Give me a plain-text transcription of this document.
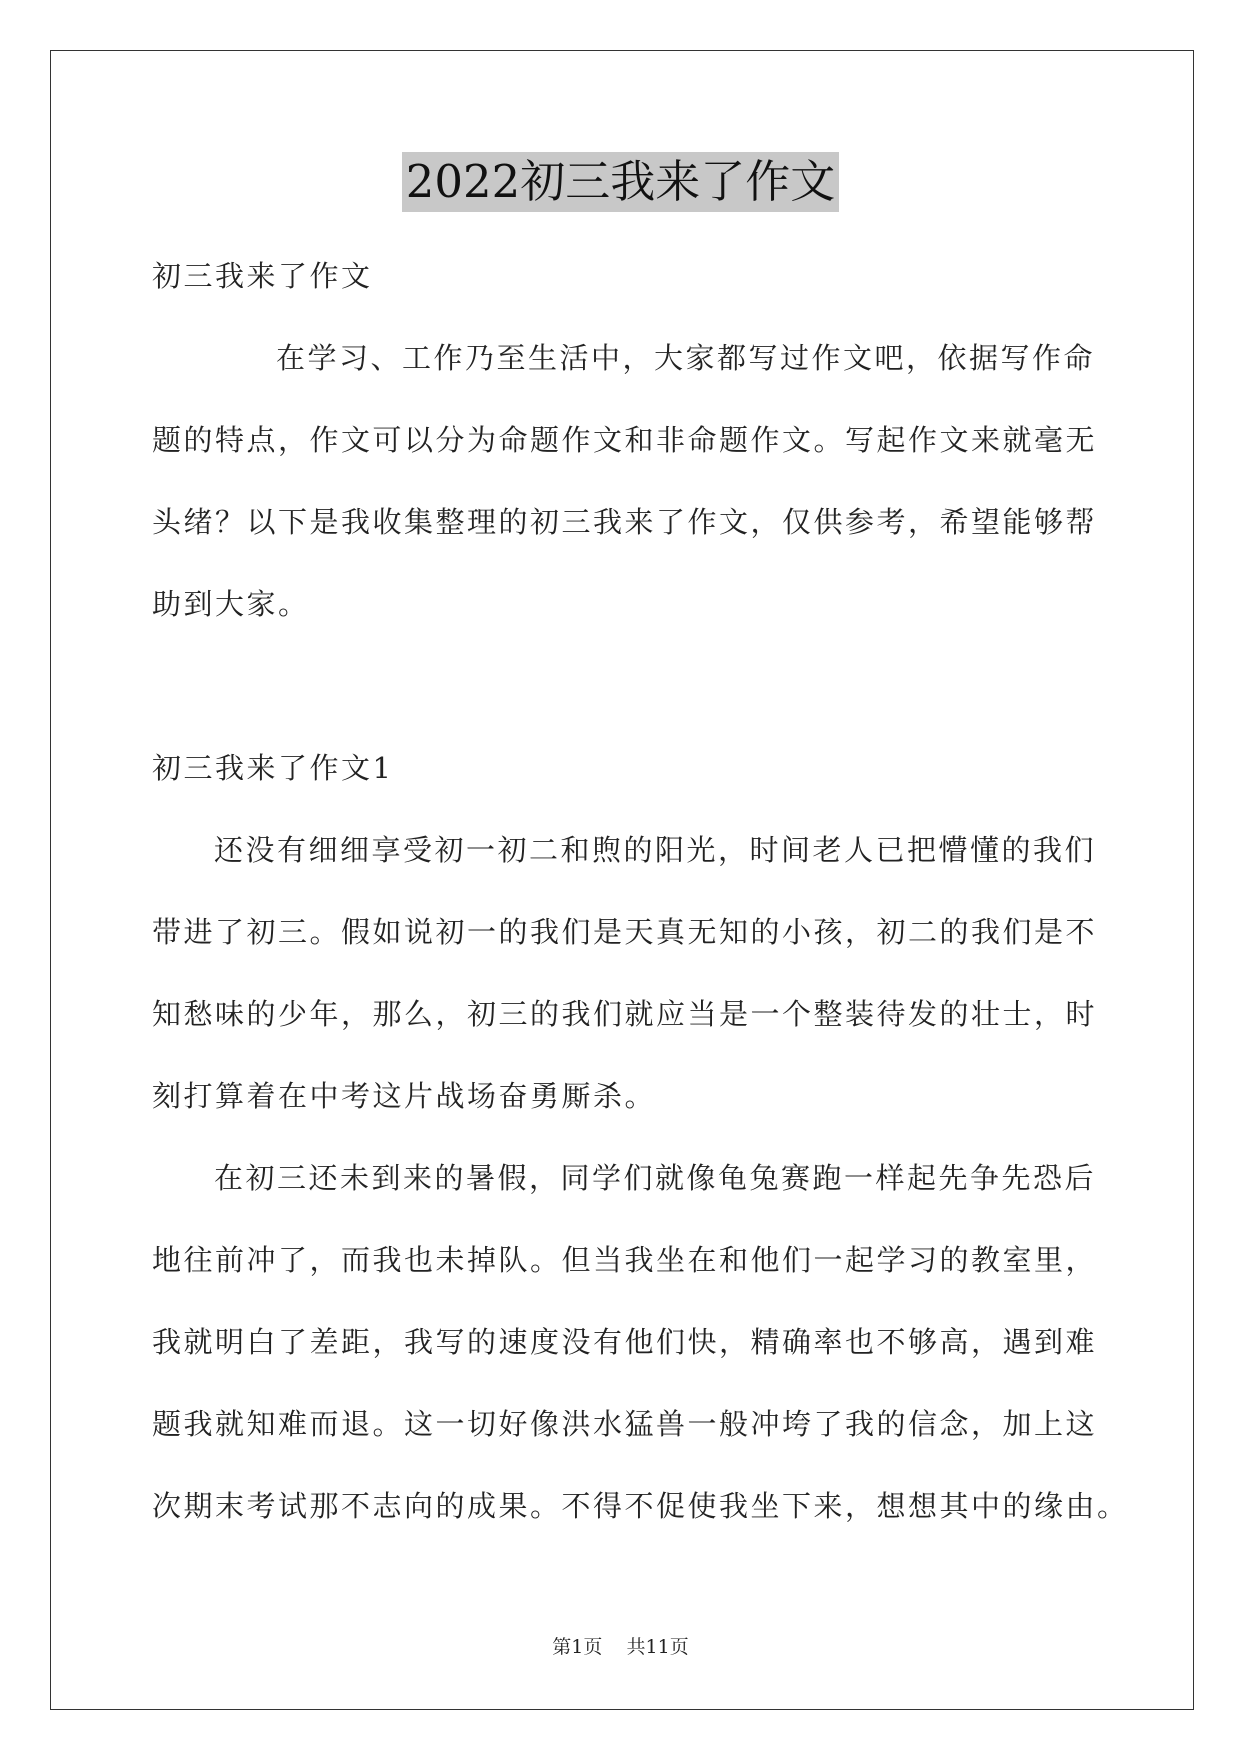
2022初三我来了作文

初三我来了作文

在学习、工作乃至生活中，大家都写过作文吧，依据写作命

题的特点，作文可以分为命题作文和非命题作文。写起作文来就毫无

头绪？以下是我收集整理的初三我来了作文，仅供参考，希望能够帮

助到大家。

初三我来了作文1

还没有细细享受初一初二和煦的阳光，时间老人已把懵懂的我们

带进了初三。假如说初一的我们是天真无知的小孩，初二的我们是不

知愁味的少年，那么，初三的我们就应当是一个整装待发的壮士，时

刻打算着在中考这片战场奋勇厮杀。

在初三还未到来的暑假，同学们就像龟兔赛跑一样起先争先恐后

地往前冲了，而我也未掉队。但当我坐在和他们一起学习的教室里，

我就明白了差距，我写的速度没有他们快，精确率也不够高，遇到难

题我就知难而退。这一切好像洪水猛兽一般冲垮了我的信念，加上这

次期末考试那不志向的成果。不得不促使我坐下来，想想其中的缘由。

第1页 共11页
